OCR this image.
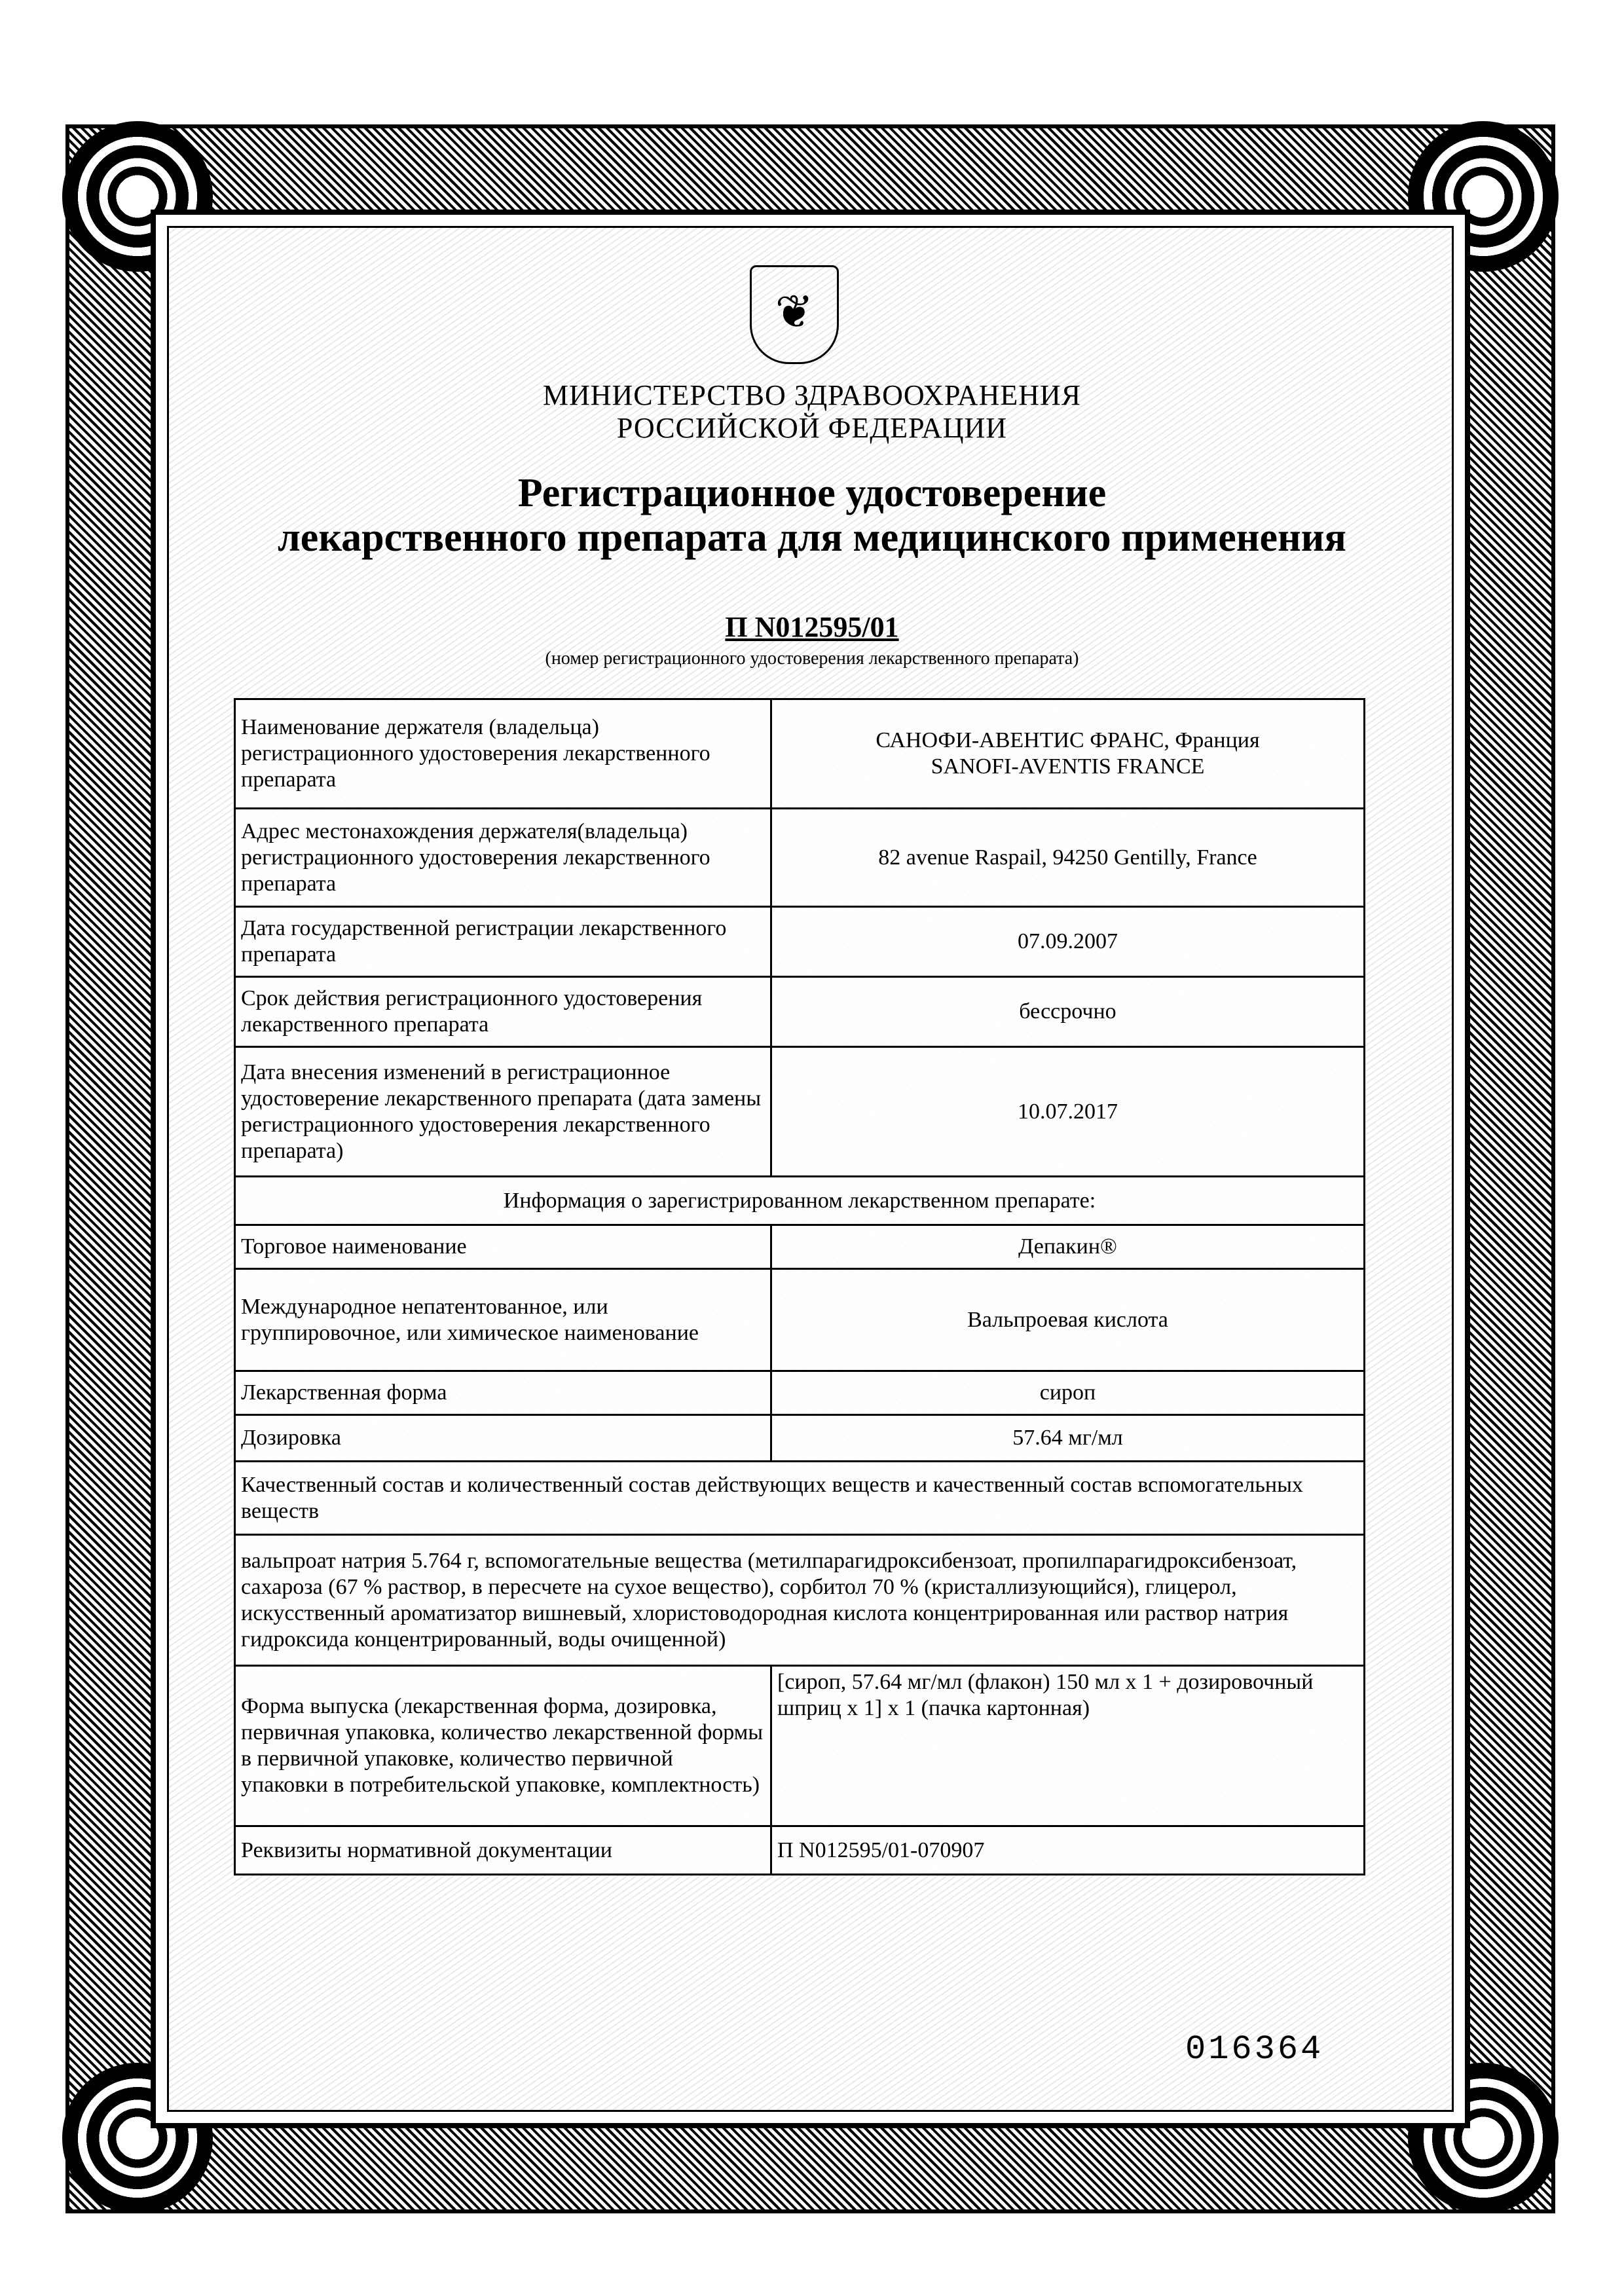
❦
МИНИСТЕРСТВО ЗДРАВООХРАНЕНИЯ
РОССИЙСКОЙ ФЕДЕРАЦИИ
Регистрационное удостоверение
лекарственного препарата для медицинского применения
П N012595/01
(номер регистрационного удостоверения лекарственного препарата)
Наименование держателя (владельца) регистрационного удостоверения лекарственного препарата	САНОФИ-АВЕНТИС ФРАНС, Франция
SANOFI-AVENTIS FRANCE

Адрес местонахождения держателя(владельца) регистрационного удостоверения лекарственного препарата	82 avenue Raspail, 94250 Gentilly, France
Дата государственной регистрации лекарственного препарата	07.09.2007
Срок действия регистрационного удостоверения лекарственного препарата	бессрочно
Дата внесения изменений в регистрационное удостоверение лекарственного препарата (дата замены регистрационного удостоверения лекарственного препарата)	10.07.2017
Информация о зарегистрированном лекарственном препарате:	
Торговое наименование	Депакин®
Международное непатентованное, или группировочное, или химическое наименование	Вальпроевая кислота
Лекарственная форма	сироп
Дозировка	57.64 мг/мл
Качественный состав и количественный состав действующих веществ и качественный состав вспомогательных веществ	
вальпроат натрия 5.764 г, вспомогательные вещества (метилпарагидроксибензоат, пропилпарагидроксибензоат, сахароза (67 % раствор, в пересчете на сухое вещество), сорбитол 70 % (кристаллизующийся), глицерол, искусственный ароматизатор вишневый, хлористоводородная кислота концентрированная или раствор натрия гидроксида концентрированный, воды очищенной)	
Форма выпуска (лекарственная форма, дозировка, первичная упаковка, количество лекарственной формы в первичной упаковке, количество первичной упаковки в потребительской упаковке, комплектность)	[сироп, 57.64 мг/мл (флакон) 150 мл x 1 + дозировочный шприц x 1] x 1 (пачка картонная)
Реквизиты нормативной документации	П N012595/01-070907
016364
